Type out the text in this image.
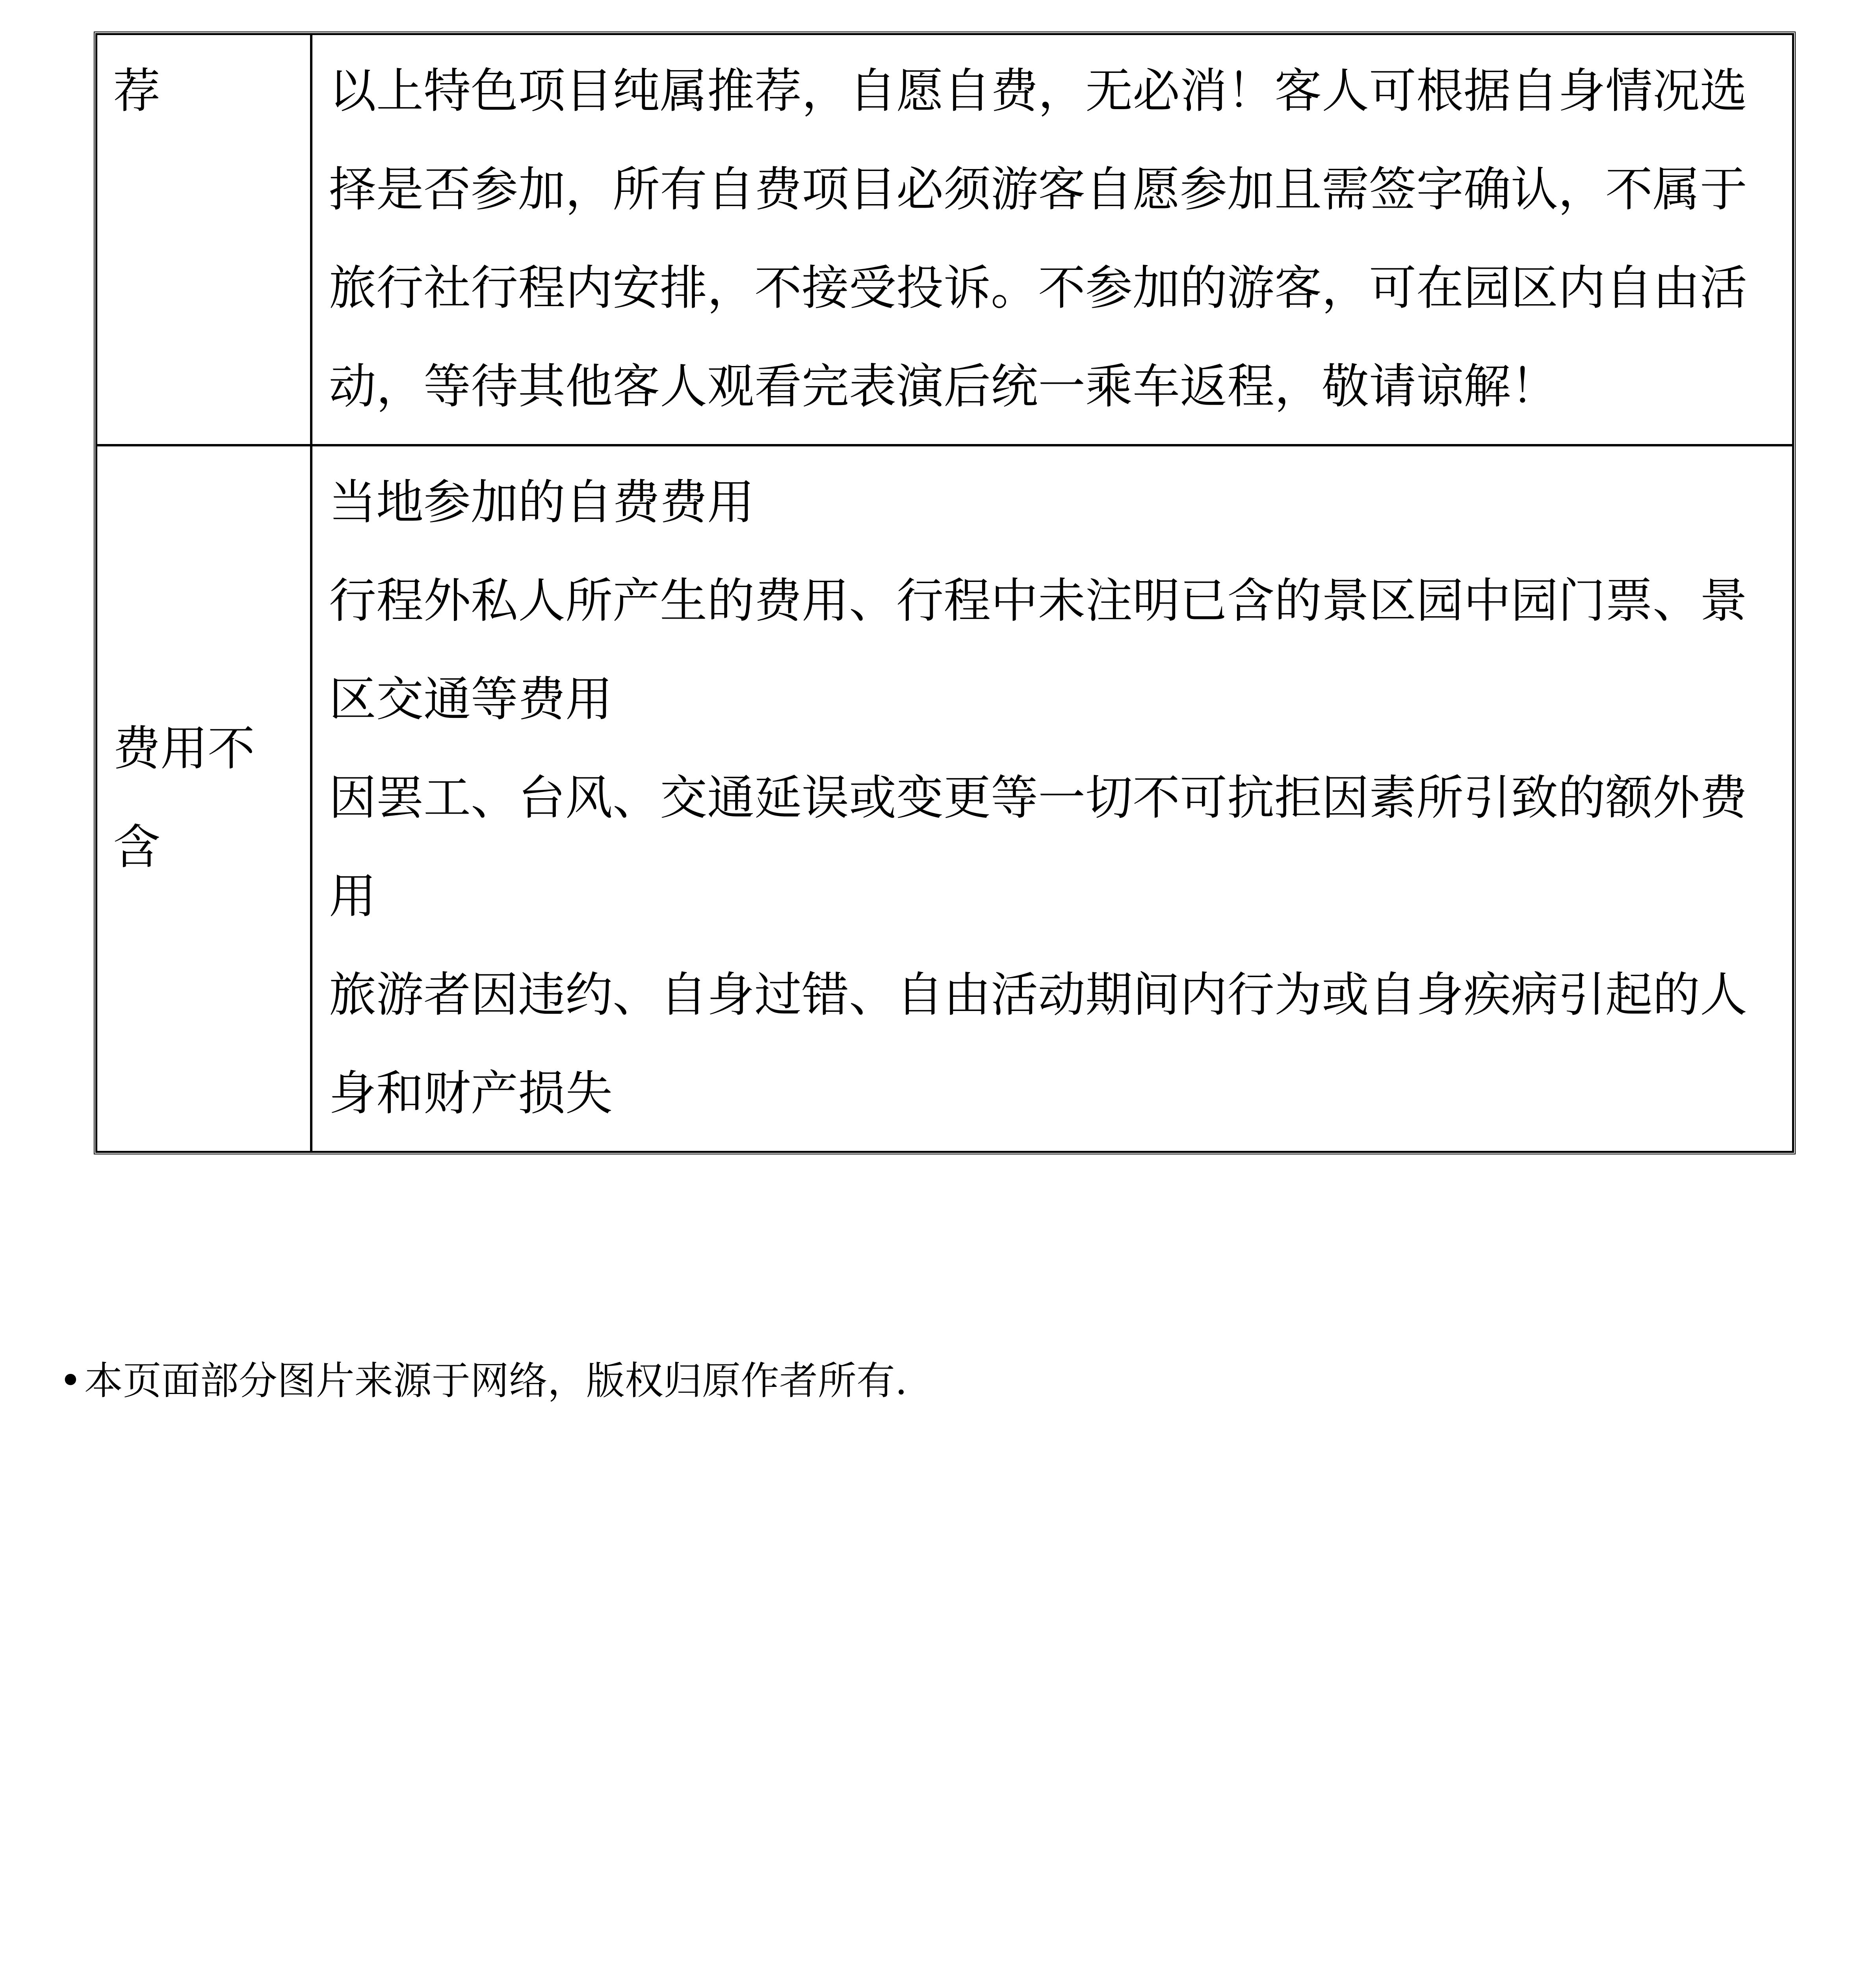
荐	以上特色项目纯属推荐，自愿自费，无必消！客人可根据自身情况选择是否参加，所有自费项目必须游客自愿参加且需签字确认，不属于旅行社行程内安排，不接受投诉。不参加的游客，可在园区内自由活动，等待其他客人观看完表演后统一乘车返程，敬请谅解！
费用不含	当地参加的自费费用
行程外私人所产生的费用、行程中未注明已含的景区园中园门票、景区交通等费用
因罢工、台风、交通延误或变更等一切不可抗拒因素所引致的额外费用
旅游者因违约、自身过错、自由活动期间内行为或自身疾病引起的人身和财产损失
•本页面部分图片来源于网络，版权归原作者所有.
